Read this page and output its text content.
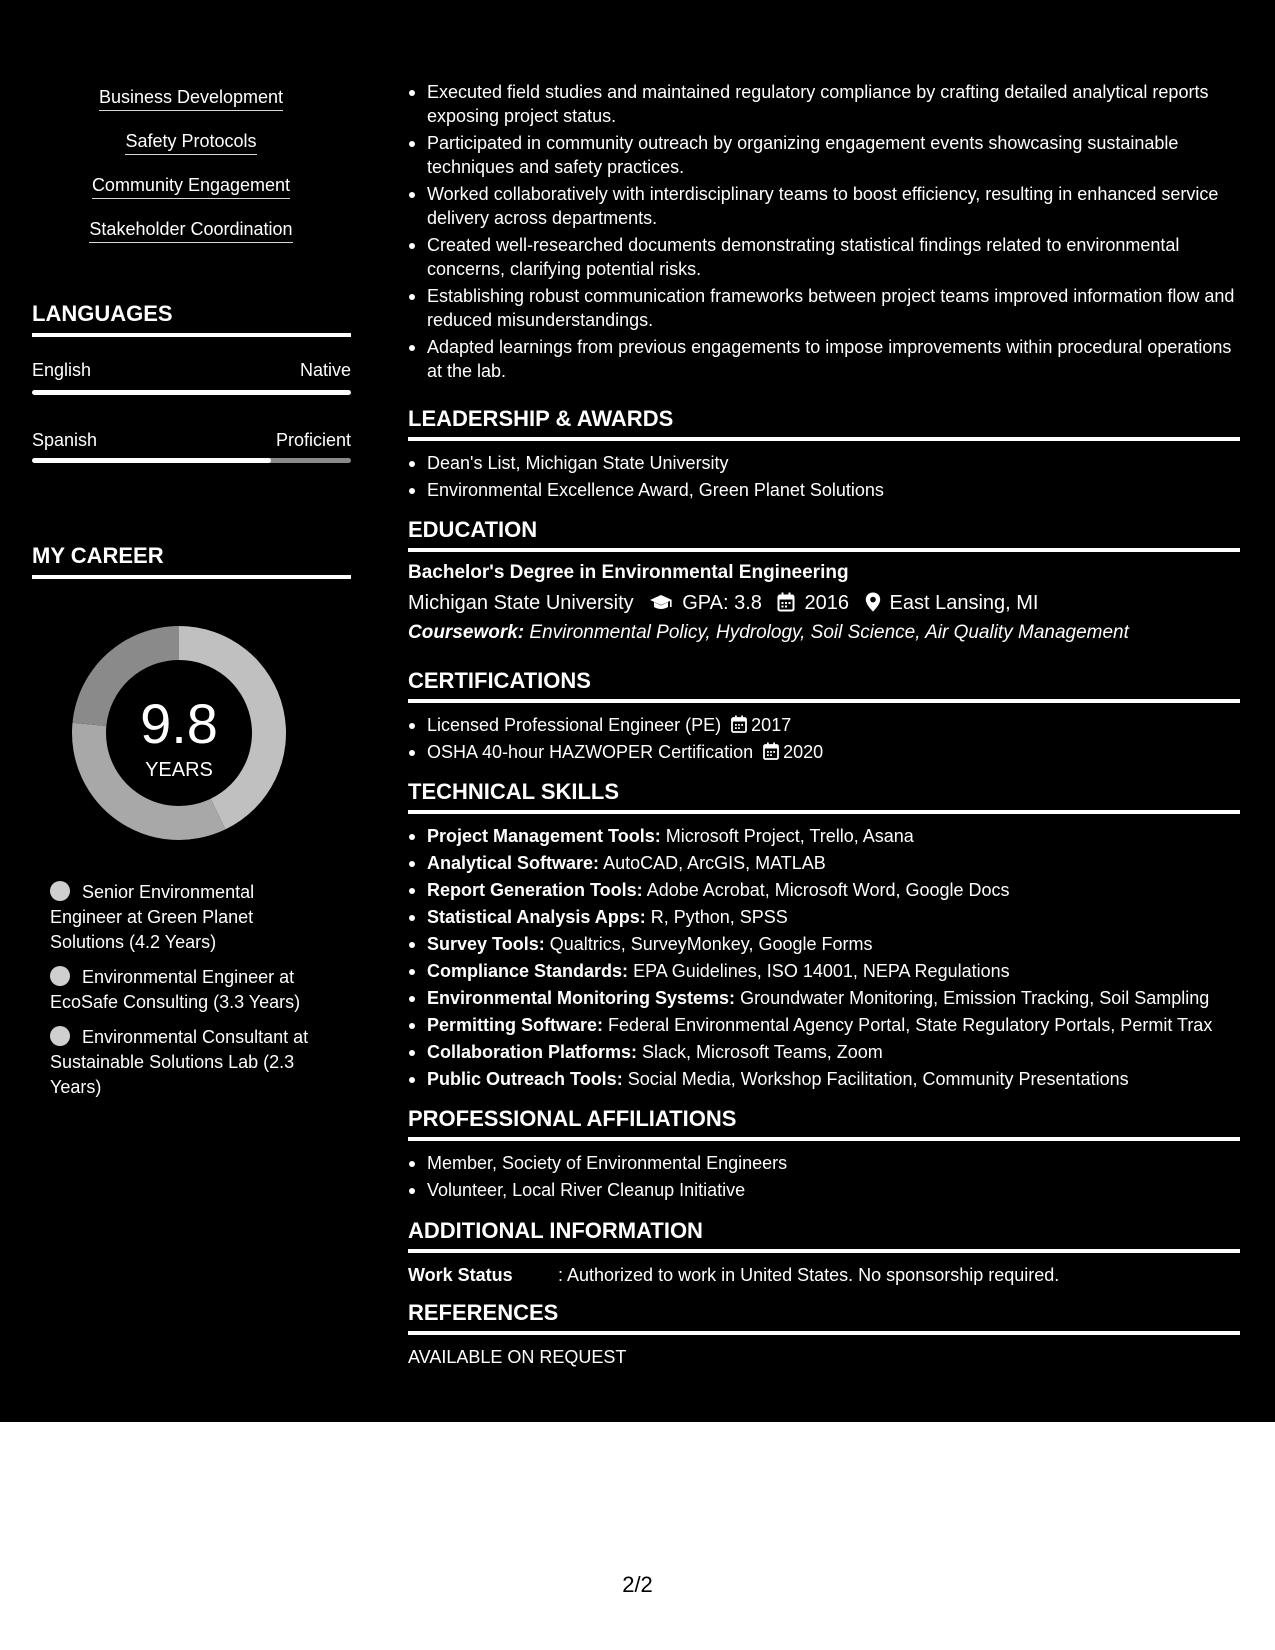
Business Development
Safety Protocols
Community Engagement
Stakeholder Coordination
LANGUAGES
English	Native
Spanish	Proficient
MY CAREER
9.8
YEARS
Senior Environmental Engineer at Green Planet Solutions (4.2 Years)
Environmental Engineer at EcoSafe Consulting (3.3 Years)
Environmental Consultant at Sustainable Solutions Lab (2.3 Years)
Executed field studies and maintained regulatory compliance by crafting detailed analytical reports exposing project status.
Participated in community outreach by organizing engagement events showcasing sustainable techniques and safety practices.
Worked collaboratively with interdisciplinary teams to boost efficiency, resulting in enhanced service delivery across departments.
Created well-researched documents demonstrating statistical findings related to environmental concerns, clarifying potential risks.
Establishing robust communication frameworks between project teams improved information flow and reduced misunderstandings.
Adapted learnings from previous engagements to impose improvements within procedural operations at the lab.
LEADERSHIP & AWARDS
Dean's List, Michigan State University
Environmental Excellence Award, Green Planet Solutions
EDUCATION
Bachelor's Degree in Environmental Engineering
Michigan State University GPA: 3.8 2016 East Lansing, MI
Coursework: Environmental Policy, Hydrology, Soil Science, Air Quality Management
CERTIFICATIONS
Licensed Professional Engineer (PE) 2017
OSHA 40-hour HAZWOPER Certification 2020
TECHNICAL SKILLS
Project Management Tools: Microsoft Project, Trello, Asana
Analytical Software: AutoCAD, ArcGIS, MATLAB
Report Generation Tools: Adobe Acrobat, Microsoft Word, Google Docs
Statistical Analysis Apps: R, Python, SPSS
Survey Tools: Qualtrics, SurveyMonkey, Google Forms
Compliance Standards: EPA Guidelines, ISO 14001, NEPA Regulations
Environmental Monitoring Systems: Groundwater Monitoring, Emission Tracking, Soil Sampling
Permitting Software: Federal Environmental Agency Portal, State Regulatory Portals, Permit Trax
Collaboration Platforms: Slack, Microsoft Teams, Zoom
Public Outreach Tools: Social Media, Workshop Facilitation, Community Presentations
PROFESSIONAL AFFILIATIONS
Member, Society of Environmental Engineers
Volunteer, Local River Cleanup Initiative
ADDITIONAL INFORMATION
Work Status	: Authorized to work in United States. No sponsorship required.
REFERENCES
AVAILABLE ON REQUEST
2/2
